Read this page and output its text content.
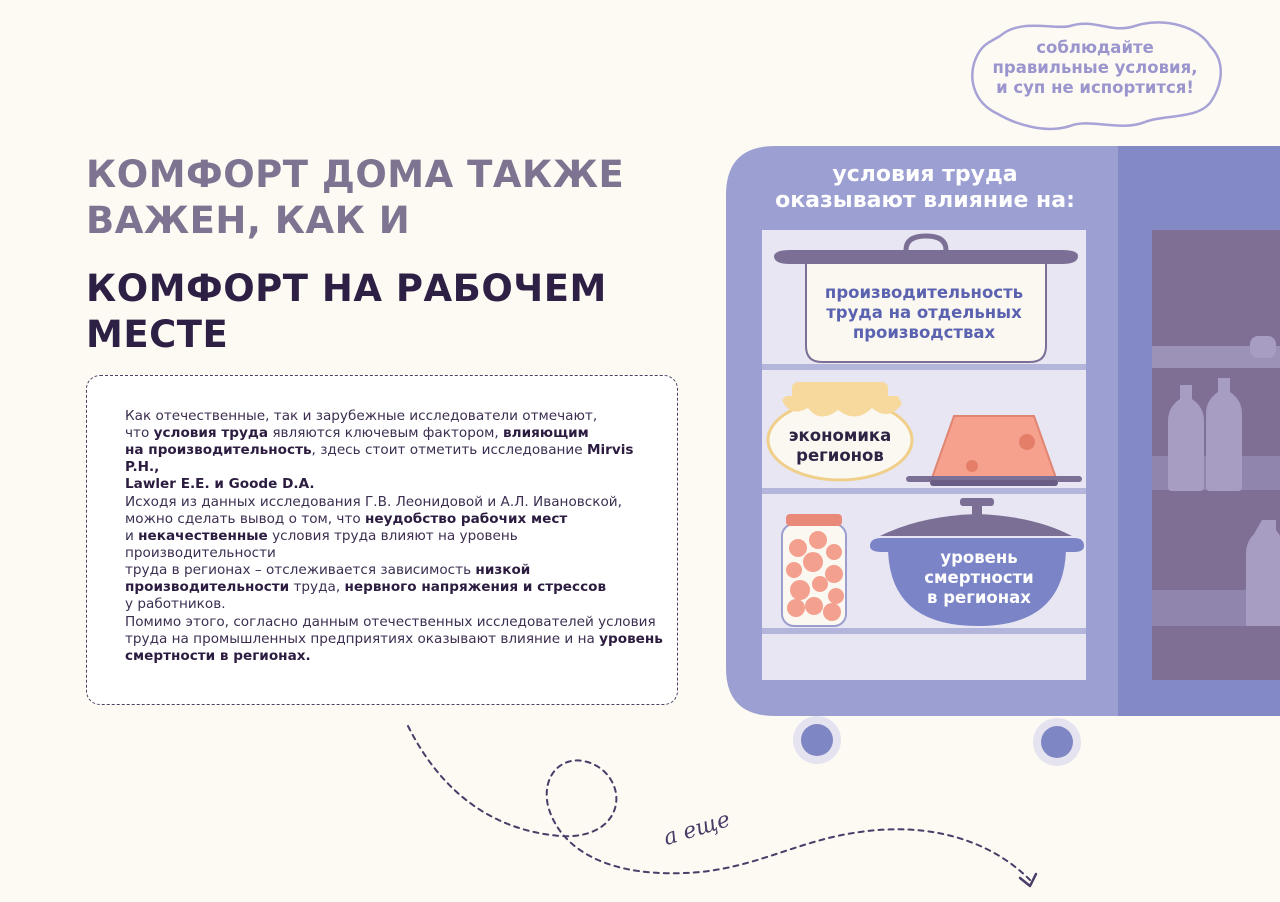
КОМФОРТ ДОМА ТАКЖЕ
ВАЖЕН, КАК И
КОМФОРТ НА РАБОЧЕМ МЕСТЕ

Как отечественные, так и зарубежные исследователи отмечают,
что условия труда являются ключевым фактором, влияющим
на производительность, здесь стоит отметить исследование Mirvis P.H.,
Lawler E.E. и Goode D.A.

Исходя из данных исследования Г.В. Леонидовой и А.Л. Ивановской,
можно сделать вывод о том, что неудобство рабочих мест
и некачественные условия труда влияют на уровень производительности
труда в регионах – отслеживается зависимость низкой
производительности труда, нервного напряжения и стрессов
у работников.

Помимо этого, согласно данным отечественных исследователей условия
труда на промышленных предприятиях оказывают влияние и на уровень
смертности в регионах.

соблюдайте
правильные условия,
и суп не испортится!
условия труда
оказывают влияние на:
производительность
труда на отдельных
производствах
экономика
регионов
уровень
смертности
в регионах
а еще
